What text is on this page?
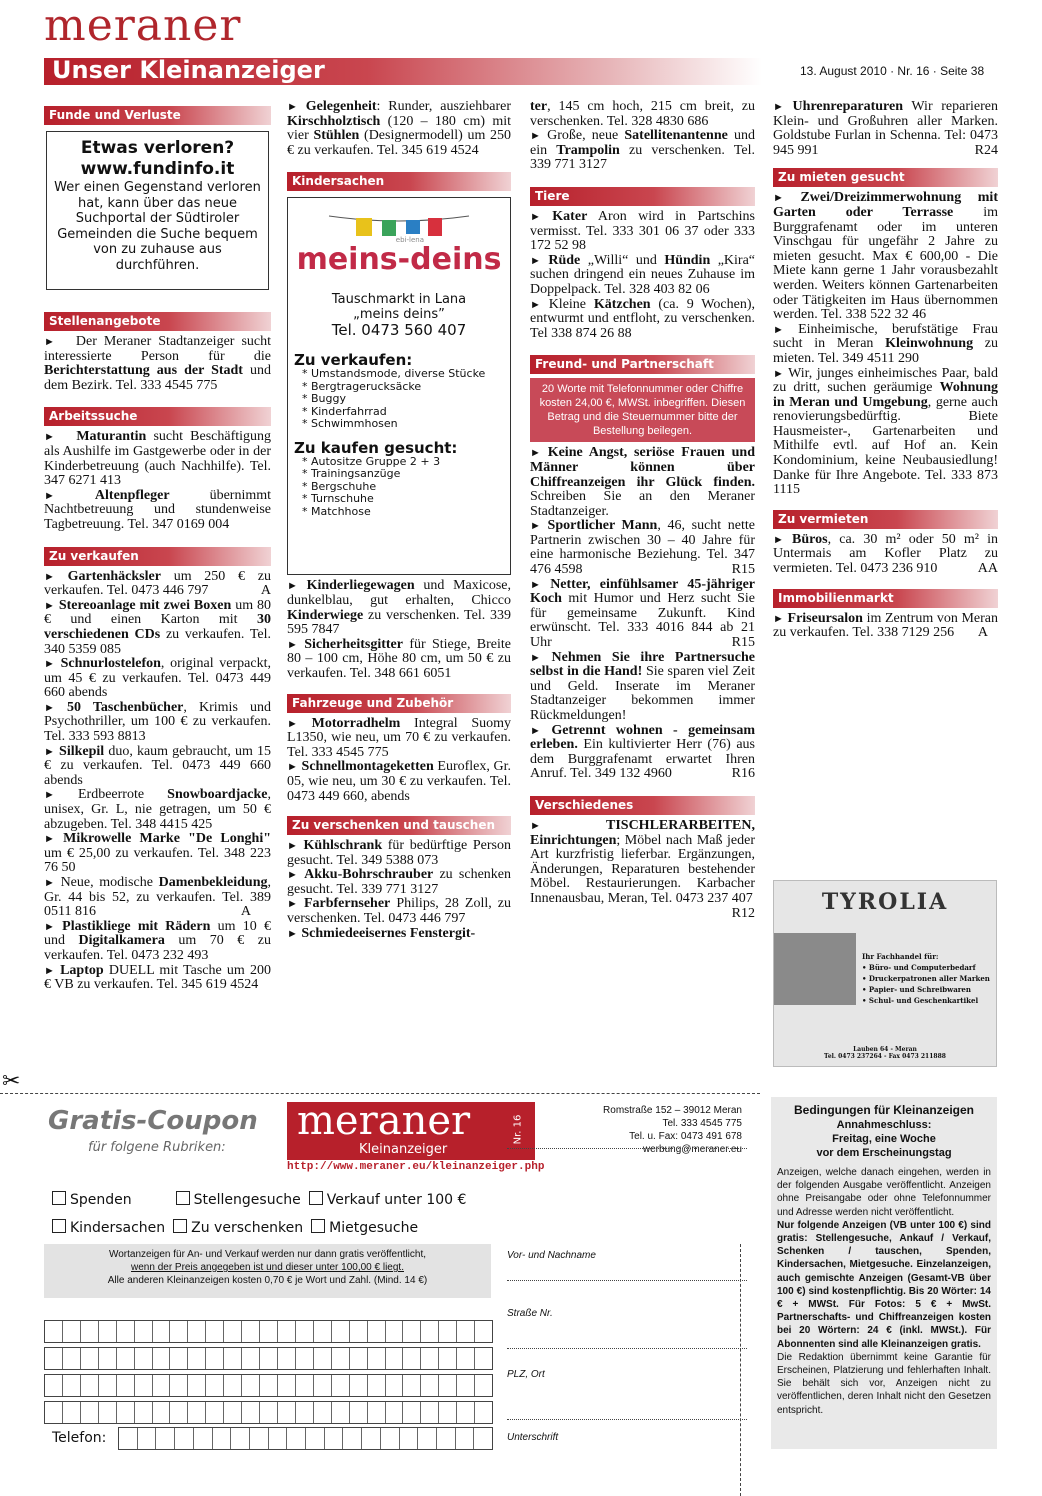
meraner
Unser Kleinanzeiger	13. August 2010 · Nr. 16 · Seite 38
Funde und Verluste
Etwas verloren?
www.fundinfo.it
Wer einen Gegenstand verloren hat, kann über das neue Suchportal der Südtiroler Gemeinden die Suche bequem von zu zuhause aus durchführen.
Stellenangebote

► Der Meraner Stadtanzeiger sucht interessierte Person für die Berichterstattung aus der Stadt und dem Bezirk. Tel. 333 4545 775

Arbeitssuche

► Maturantin sucht Beschäftigung als Aushilfe im Gastgewerbe oder in der Kinderbetreuung (auch Nachhilfe). Tel. 347 6271 413

►	Altenpfleger	übernimmt Nachtbetreuung und stundenweise Tagbetreuung. Tel. 347 0169 004

Zu verkaufen

► Gartenhäcksler um 250 € zu verkaufen. Tel. 0473 446 797	A

► Stereoanlage mit zwei Boxen um 80 € und einen Karton mit 30 verschiedenen CDs zu verkaufen. Tel. 340 5359 085

► Schnurlostelefon, original verpackt, um 45 € zu verkaufen. Tel. 0473 449 660 abends

► 50 Taschenbücher, Krimis und Psychothriller, um 100 € zu verkaufen. Tel. 333 593 8813

► Silkepil duo, kaum gebraucht, um 15 € zu verkaufen. Tel. 0473 449 660 abends

► Erdbeerrote Snowboardjacke, unisex, Gr. L, nie getragen, um 50 € abzugeben. Tel. 348 4415 425

► Mikrowelle Marke "De Longhi" um € 25,00 zu verkaufen. Tel. 348 223 76 50

► Neue, modische Damenbekleidung, Gr. 44 bis 52, zu verkaufen. Tel. 389 0511 816	A

► Plastikliege mit Rädern um 10 € und Digitalkamera um 70 € zu verkaufen. Tel. 0473 232 493

► Laptop DUELL mit Tasche um 200 € VB zu verkaufen. Tel. 345 619 4524

► Gelegenheit: Runder, ausziehbarer Kirschholztisch (120 – 180 cm) mit vier Stühlen (Designermodell) um 250 € zu verkaufen. Tel. 345 619 4524

Kindersachen
ebi-lena
meins-deins
Tauschmarkt in Lana
„meins deins”
Tel. 0473 560 407
Zu verkaufen:
* Umstandsmode, diverse Stücke
* Bergtragerucksäcke
* Buggy
* Kinderfahrrad
* Schwimmhosen
Zu kaufen gesucht:
* Autositze Gruppe 2 + 3
* Trainingsanzüge
* Bergschuhe
* Turnschuhe
* Matchhose

► Kinderliegewagen und Maxicose, dunkelblau, gut erhalten, Chicco Kinderwiege zu verschenken. Tel. 339 595 7847

► Sicherheitsgitter für Stiege, Breite 80 – 100 cm, Höhe 80 cm, um 50 € zu verkaufen. Tel. 348 661 6051

Fahrzeuge und Zubehör

► Motorradhelm Integral Suomy L1350, wie neu, um 70 € zu verkaufen. Tel. 333 4545 775

► Schnellmontageketten Euroflex, Gr. 05, wie neu, um 30 € zu verkaufen. Tel. 0473 449 660, abends

Zu verschenken und tauschen

► Kühlschrank für bedürftige Person gesucht. Tel. 349 5388 073

► Akku-Bohrschrauber zu schenken gesucht. Tel. 339 771 3127

► Farbfernseher Philips, 28 Zoll, zu verschenken. Tel. 0473 446 797

► Schmiedeeisernes Fenstergit-

ter, 145 cm hoch, 215 cm breit, zu verschenken. Tel. 328 4830 686

► Große, neue Satellitenantenne und ein Trampolin zu verschenken. Tel. 339 771 3127

Tiere

► Kater Aron wird in Partschins vermisst. Tel. 333 301 06 37 oder 333 172 52 98

► Rüde „Willi“ und Hündin „Kira“ suchen dringend ein neues Zuhause im Doppelpack. Tel. 328 403 82 06

► Kleine Kätzchen (ca. 9 Wochen), entwurmt und entfloht, zu verschenken. Tel 338 874 26 88

Freund- und Partnerschaft
20 Worte mit Telefonnummer oder Chiffre kosten 24,00 €, MWSt. inbegriffen. Diesen Betrag und die Steuernummer bitte der Bestellung beilegen.

► Keine Angst, seriöse Frauen und Männer können über Chiffreanzeigen ihr Glück finden. Schreiben Sie an den Meraner Stadtanzeiger.

► Sportlicher Mann, 46, sucht nette Partnerin zwischen 30 – 40 Jahre für eine harmonische Beziehung. Tel. 347 476 4598	R15

► Netter, einfühlsamer 45-jähriger Koch mit Humor und Herz sucht Sie für gemeinsame Zukunft. Kind erwünscht. Tel. 333 4016 844 ab 21 Uhr	R15

► Nehmen Sie ihre Partnersuche selbst in die Hand! Sie sparen viel Zeit und Geld. Inserate im Meraner Stadtanzeiger bekommen immer Rückmeldungen!

► Getrennt wohnen - gemeinsam erleben. Ein kultivierter Herr (76) aus dem Burggrafenamt erwartet Ihren Anruf. Tel. 349 132 4960	R16

Verschiedenes

►	TISCHLERARBEITEN, Einrichtungen; Möbel nach Maß jeder Art kurzfristig lieferbar. Ergänzungen, Änderungen, Reparaturen bestehender Möbel. Restaurierungen. Karbacher Innenausbau, Meran, Tel. 0473 237 407
R12

► Uhrenreparaturen Wir reparieren Klein- und Großuhren aller Marken. Goldstube Furlan in Schenna. Tel: 0473 945 991	R24

Zu mieten gesucht

► Zwei/Dreizimmerwohnung mit Garten oder Terrasse im Burggrafenamt oder im unteren Vinschgau für ungefähr 2 Jahre zu mieten gesucht. Max € 600,00 - Die Miete kann gerne 1 Jahr vorausbezahlt werden. Weiters können Gartenarbeiten oder Tätigkeiten im Haus übernommen werden. Tel. 338 522 32 46

► Einheimische, berufstätige Frau sucht in Meran Kleinwohnung zu mieten. Tel. 349 4511 290

► Wir, junges einheimisches Paar, bald zu dritt, suchen geräumige Wohnung in Meran und Umgebung, gerne auch renovierungsbedürftig. Biete Hausmeister-, Gartenarbeiten und Mithilfe evtl. auf Hof an. Kein Kondominium, keine Neubausiedlung! Danke für Ihre Angebote. Tel. 333 873 1115

Zu vermieten

► Büros, ca. 30 m² oder 50 m² in Untermais am Kofler Platz zu vermieten. Tel. 0473 236 910	AA

Immobilienmarkt

► Friseursalon im Zentrum von Meran zu verkaufen. Tel. 338 7129 256 A

TYROLIA
Ihr Fachhandel für:
• Büro- und Computerbedarf
• Druckerpatronen aller Marken
• Papier- und Schreibwaren
• Schul- und Geschenkartikel
Lauben 64 - Meran
Tel. 0473 237264 - Fax 0473 211888
✂
Gratis-Coupon
für folgene Rubriken:
meraner
Kleinanzeiger
Nr. 16
http://www.meraner.eu/kleinanzeiger.php
Romstraße 152 – 39012 Meran
Tel. 333 4545 775
Tel. u. Fax: 0473 491 678
werbung@meraner.eu
Spenden	Stellengesuche Verkauf unter 100 €
Kindersachen Zu verschenken Mietgesuche
Wortanzeigen für An- und Verkauf werden nur dann gratis veröffentlicht,
wenn der Preis angegeben ist und dieser unter 100,00 € liegt.
Alle anderen Kleinanzeigen kosten 0,70 € je Wort und Zahl. (Mind. 14 €)
Telefon:
Vor- und Nachname
Straße Nr.
PLZ, Ort
Unterschrift
Bedingungen für Kleinanzeigen
Annahmeschluss:
Freitag, eine Woche
vor dem Erscheinungstag
Anzeigen, welche danach eingehen, werden in der folgenden Ausgabe veröffentlicht. Anzeigen ohne Preisangabe oder ohne Telefonnummer und Adresse werden nicht veröffentlicht.
Nur folgende Anzeigen (VB unter 100 €) sind gratis: Stellengesuche, Ankauf / Verkauf, Schenken / tauschen, Spenden, Kindersachen, Mietgesuche. Einzelanzeigen, auch gemischte Anzeigen (Gesamt-VB über 100 €) sind kostenpflichtig. Bis 20 Wörter: 14 € + MWSt. Für Fotos: 5 € + MwSt. Partnerschafts- und Chiffreanzeigen kosten bei 20 Wörtern: 24 € (inkl. MWSt.). Für Abonnenten sind alle Kleinanzeigen gratis.
Die Redaktion übernimmt keine Garantie für Erscheinen, Platzierung und fehlerhaften Inhalt. Sie behält sich vor, Anzeigen nicht zu veröffentlichen, deren Inhalt nicht den Gesetzen entspricht.
